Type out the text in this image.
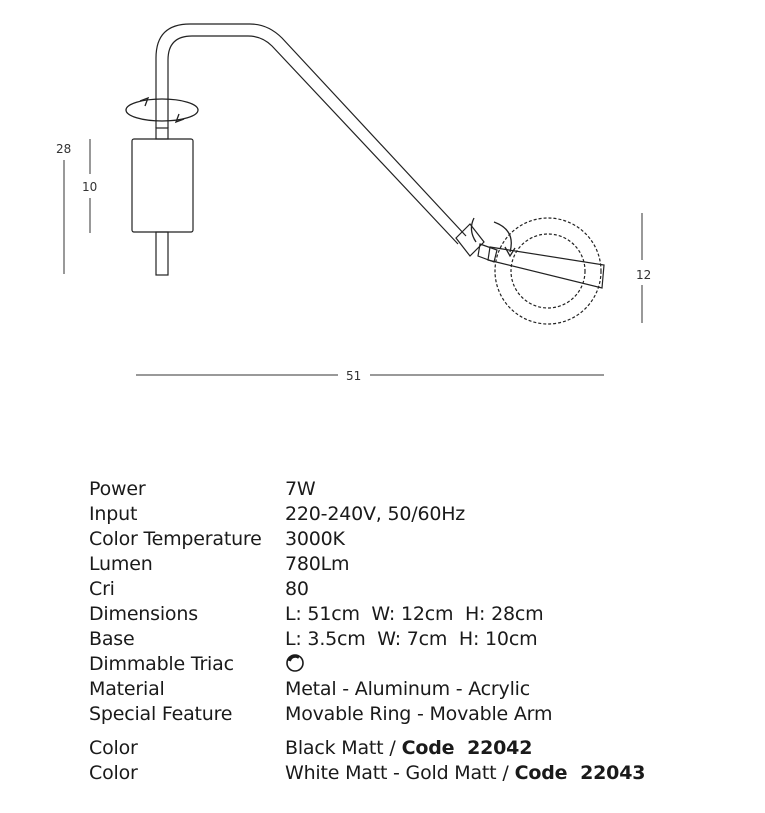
28
10
12
51
Power	7W
Input	220-240V, 50/60Hz
Color Temperature 3000K
Lumen	780Lm
Cri	80
Dimensions	L: 51cm  W: 12cm  H: 28cm
Base	L: 3.5cm  W: 7cm  H: 10cm
Dimmable Triac
Material	Metal - Aluminum - Acrylic
Special Feature	Movable Ring - Movable Arm
Color	Black Matt / Code  22042
Color	White Matt - Gold Matt / Code  22043
